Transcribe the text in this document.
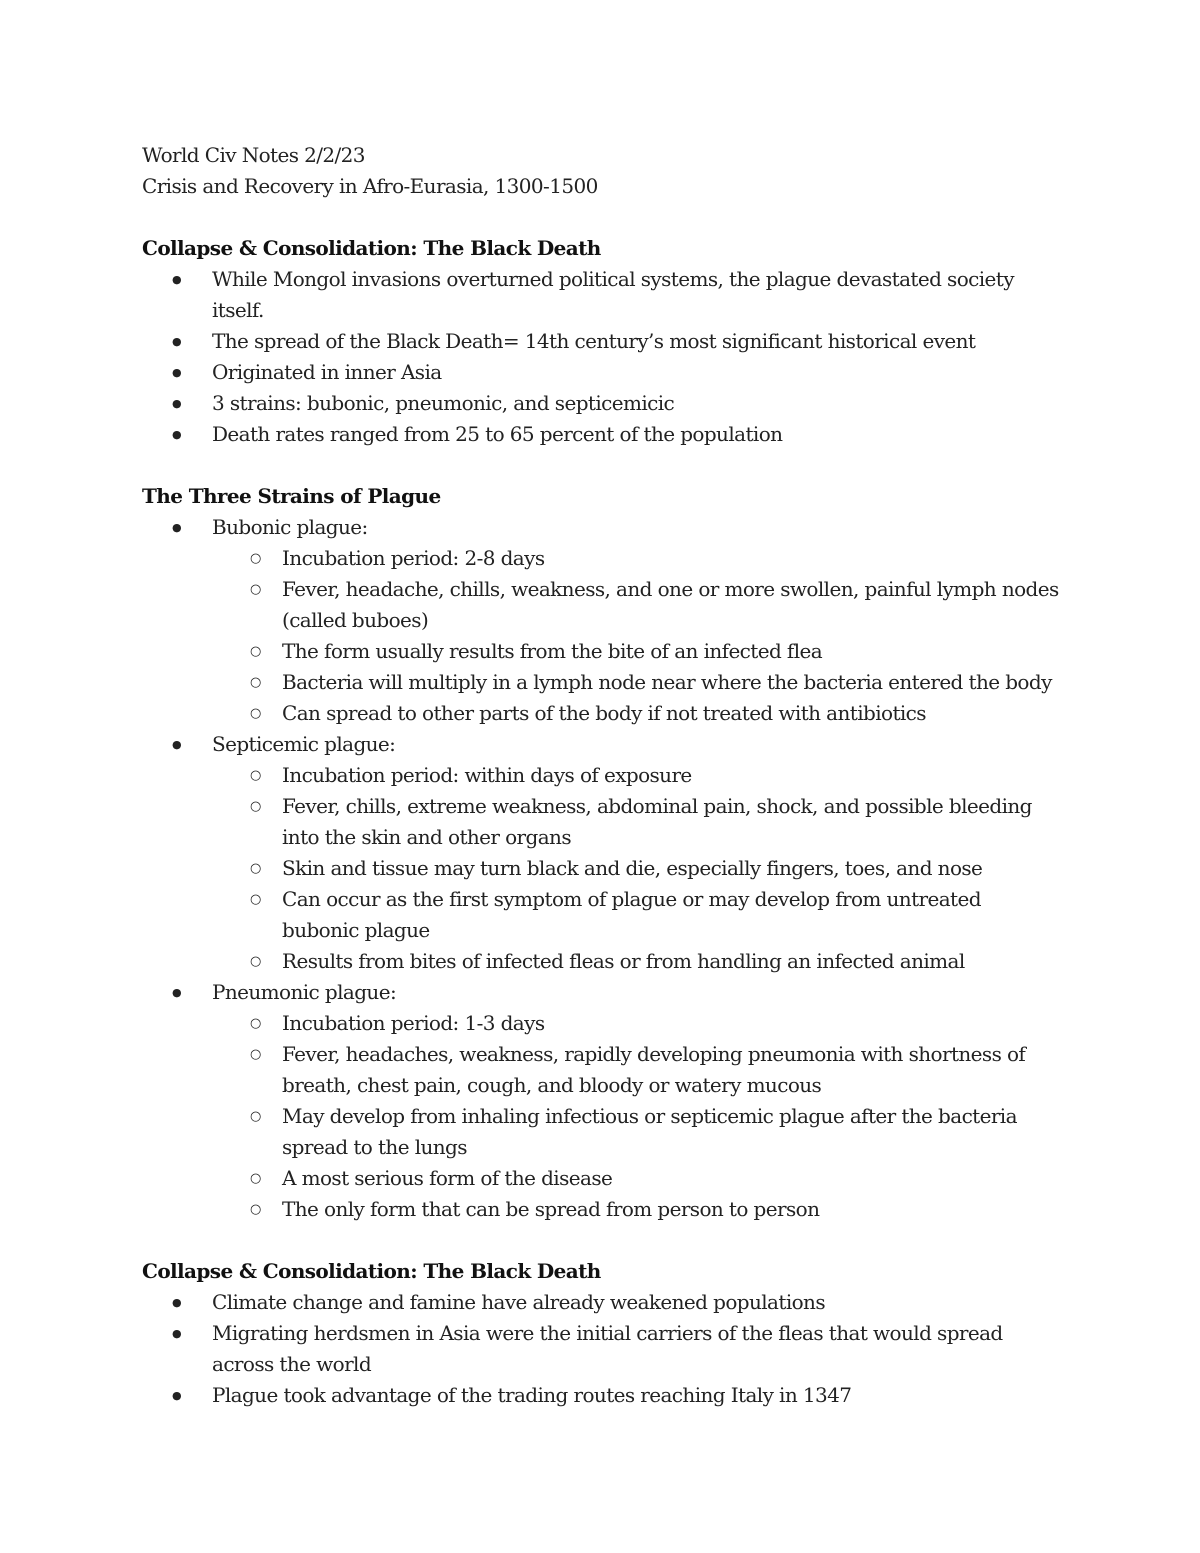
World Civ Notes 2/2/23

Crisis and Recovery in Afro-Eurasia, 1300-1500

Collapse & Consolidation: The Black Death
● While Mongol invasions overturned political systems, the plague devastated society itself.
● The spread of the Black Death= 14th century’s most significant historical event
● Originated in inner Asia
● 3 strains: bubonic, pneumonic, and septicemicic
● Death rates ranged from 25 to 65 percent of the population
The Three Strains of Plague
● Bubonic plague:
○ Incubation period: 2-8 days
○ Fever, headache, chills, weakness, and one or more swollen, painful lymph nodes (called buboes)
○ The form usually results from the bite of an infected flea
○ Bacteria will multiply in a lymph node near where the bacteria entered the body
○ Can spread to other parts of the body if not treated with antibiotics
● Septicemic plague:
○ Incubation period: within days of exposure
○ Fever, chills, extreme weakness, abdominal pain, shock, and possible bleeding into the skin and other organs
○ Skin and tissue may turn black and die, especially fingers, toes, and nose
○ Can occur as the first symptom of plague or may develop from untreated bubonic plague
○ Results from bites of infected fleas or from handling an infected animal
● Pneumonic plague:
○ Incubation period: 1-3 days
○ Fever, headaches, weakness, rapidly developing pneumonia with shortness of breath, chest pain, cough, and bloody or watery mucous
○ May develop from inhaling infectious or septicemic plague after the bacteria spread to the lungs
○ A most serious form of the disease
○ The only form that can be spread from person to person
Collapse & Consolidation: The Black Death
● Climate change and famine have already weakened populations
● Migrating herdsmen in Asia were the initial carriers of the fleas that would spread across the world
● Plague took advantage of the trading routes reaching Italy in 1347
